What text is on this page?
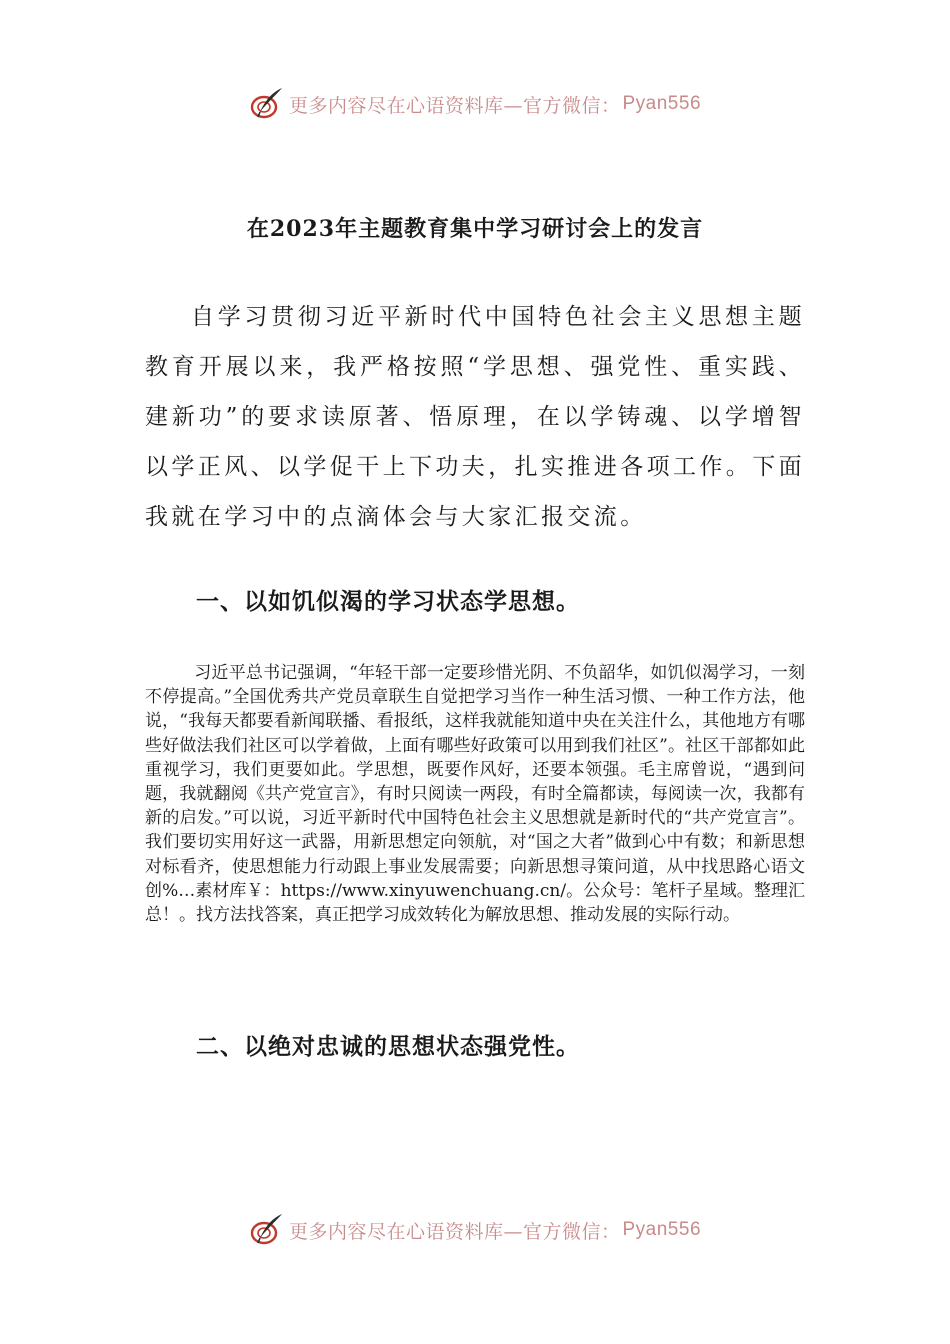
更多内容尽在心语资料库—官方微信： Pyan556
在2023年主题教育集中学习研讨会上的发言

自学习贯彻习近平新时代中国特色社会主义思想主题教育开展以来，我严格按照“学思想、强党性、重实践、建新功”的要求读原著、悟原理，在以学铸魂、以学增智以学正风、以学促干上下功夫，扎实推进各项工作。下面我就在学习中的点滴体会与大家汇报交流。

一、以如饥似渴的学习状态学思想。

习近平总书记强调，“年轻干部一定要珍惜光阴、不负韶华，如饥似渴学习，一刻不停提高。”全国优秀共产党员章联生自觉把学习当作一种生活习惯、一种工作方法，他说，“我每天都要看新闻联播、看报纸，这样我就能知道中央在关注什么，其他地方有哪些好做法我们社区可以学着做，上面有哪些好政策可以用到我们社区”。社区干部都如此重视学习，我们更要如此。学思想，既要作风好，还要本领强。毛主席曾说，“遇到问题，我就翻阅《共产党宣言》，有时只阅读一两段，有时全篇都读，每阅读一次，我都有新的启发。”可以说，习近平新时代中国特色社会主义思想就是新时代的“共产党宣言”。我们要切实用好这一武器，用新思想定向领航，对“国之大者”做到心中有数；和新思想对标看齐，使思想能力行动跟上事业发展需要；向新思想寻策问道，从中找思路心语文创%…素材库￥：https://www.xinyuwenchuang.cn/。公众号：笔杆子星域。整理汇总！。找方法找答案，真正把学习成效转化为解放思想、推动发展的实际行动。

二、以绝对忠诚的思想状态强党性。
更多内容尽在心语资料库—官方微信： Pyan556
